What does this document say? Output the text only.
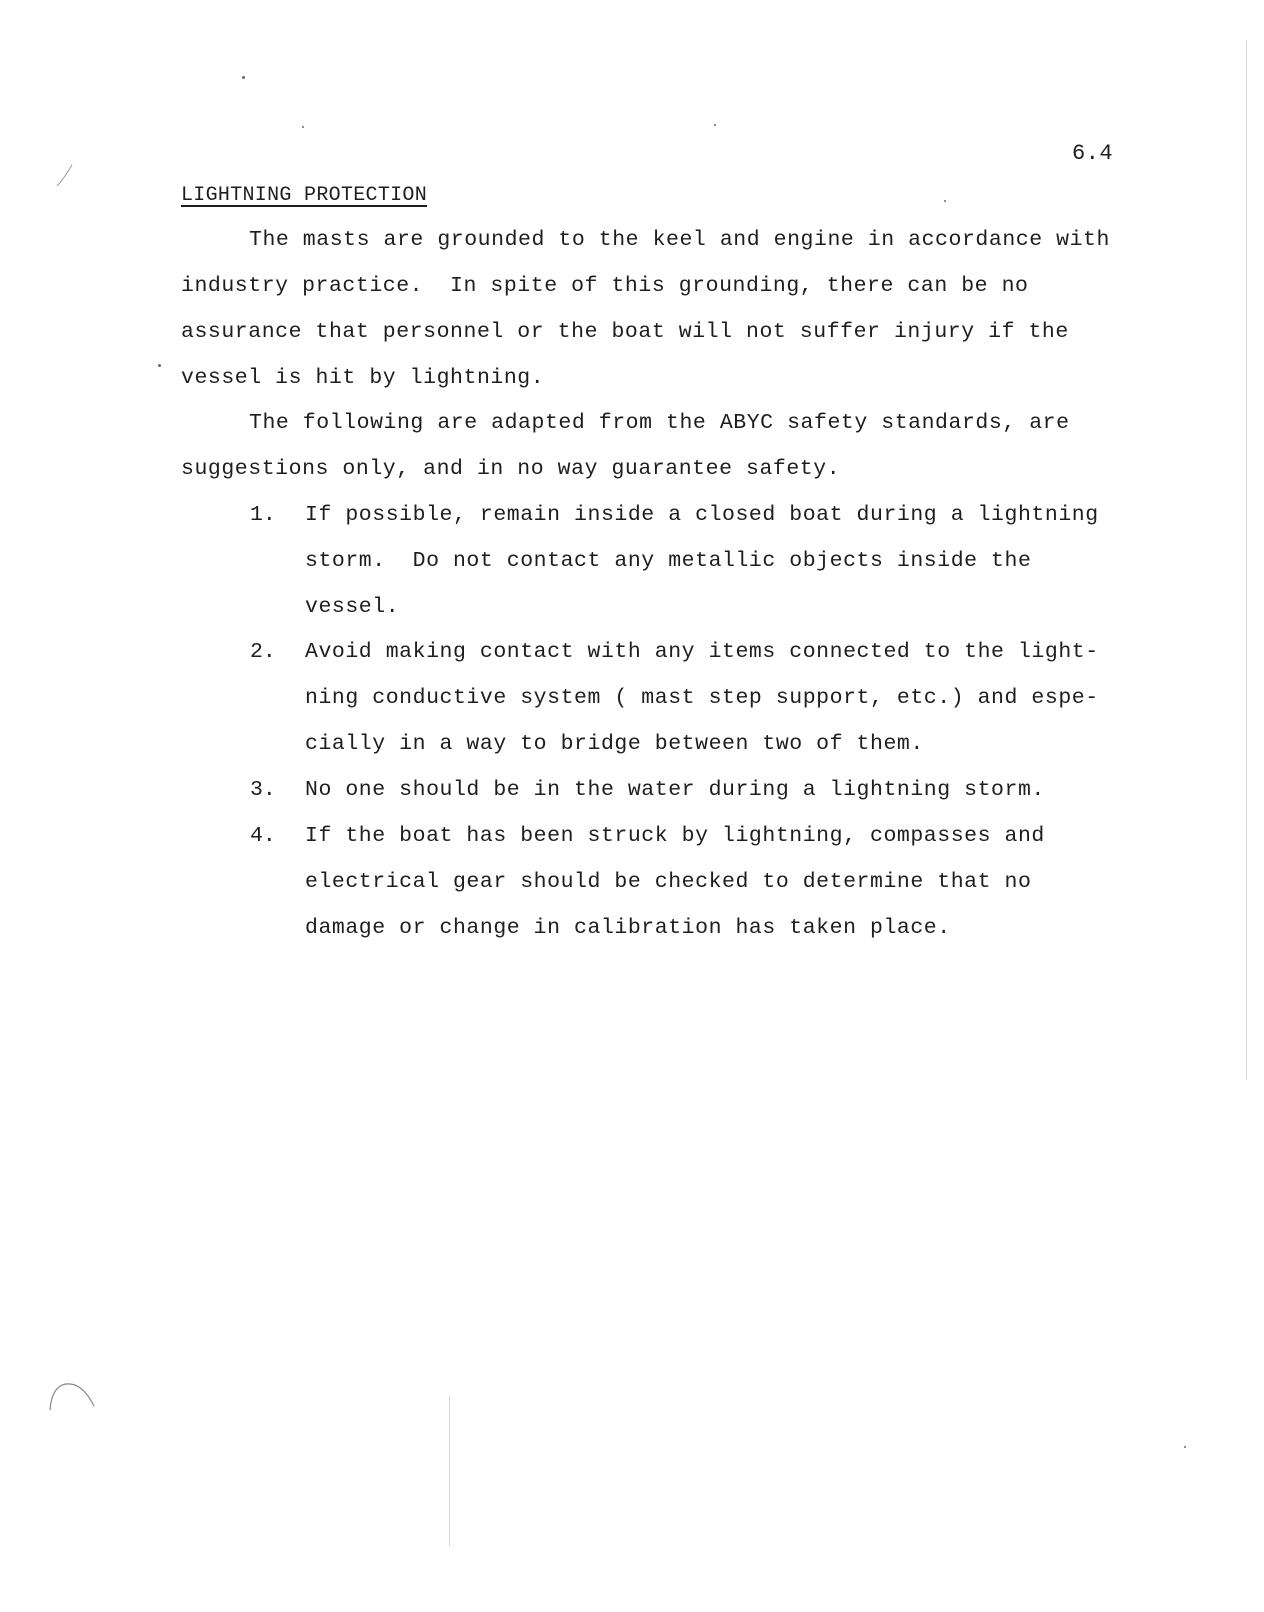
6.4
LIGHTNING PROTECTION
The masts are grounded to the keel and engine in accordance with
industry practice.  In spite of this grounding, there can be no
assurance that personnel or the boat will not suffer injury if the
vessel is hit by lightning.
The following are adapted from the ABYC safety standards, are
suggestions only, and in no way guarantee safety.
1. If possible, remain inside a closed boat during a lightning
storm.  Do not contact any metallic objects inside the
vessel.
2. Avoid making contact with any items connected to the light-
ning conductive system ( mast step support, etc.) and espe-
cially in a way to bridge between two of them.
3. No one should be in the water during a lightning storm.
4. If the boat has been struck by lightning, compasses and
electrical gear should be checked to determine that no
damage or change in calibration has taken place.
